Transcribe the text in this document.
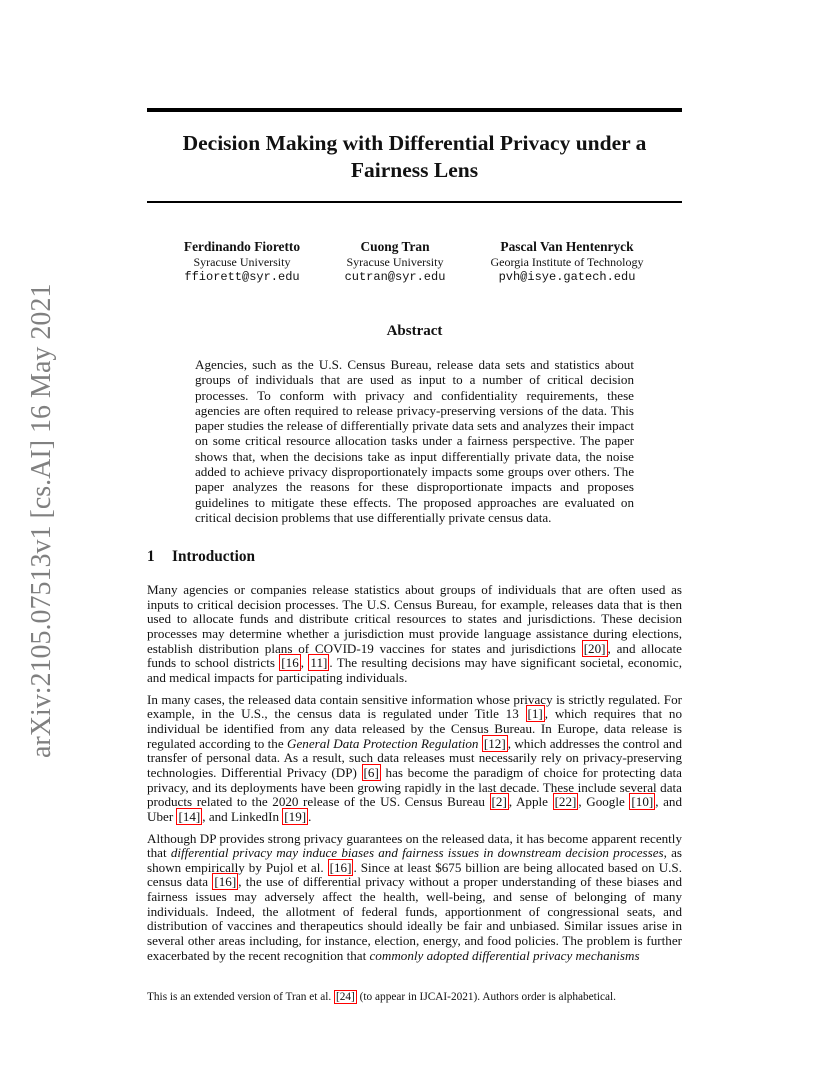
arXiv:2105.07513v1 [cs.AI] 16 May 2021
Decision Making with Differential Privacy under a
Fairness Lens
Ferdinando Fioretto
Syracuse University
ffiorett@syr.edu
Cuong Tran
Syracuse University
cutran@syr.edu
Pascal Van Hentenryck
Georgia Institute of Technology
pvh@isye.gatech.edu
Abstract
Agencies, such as the U.S. Census Bureau, release data sets and statistics about groups of individuals that are used as input to a number of critical decision processes. To conform with privacy and confidentiality requirements, these agencies are often required to release privacy-preserving versions of the data. This paper studies the release of differentially private data sets and analyzes their impact on some critical resource allocation tasks under a fairness perspective. The paper shows that, when the decisions take as input differentially private data, the noise added to achieve privacy disproportionately impacts some groups over others. The paper analyzes the reasons for these disproportionate impacts and proposes guidelines to mitigate these effects. The proposed approaches are evaluated on critical decision problems that use differentially private census data.
1 Introduction

Many agencies or companies release statistics about groups of individuals that are often used as inputs to critical decision processes. The U.S. Census Bureau, for example, releases data that is then used to allocate funds and distribute critical resources to states and jurisdictions. These decision processes may determine whether a jurisdiction must provide language assistance during elections, establish distribution plans of COVID-19 vaccines for states and jurisdictions [20] , and allocate funds to school districts [16 , 11] . The resulting decisions may have significant societal, economic, and medical impacts for participating individuals.

In many cases, the released data contain sensitive information whose privacy is strictly regulated. For example, in the U.S., the census data is regulated under Title 13 [1] , which requires that no individual be identified from any data released by the Census Bureau. In Europe, data release is regulated according to the General Data Protection Regulation [12] , which addresses the control and transfer of personal data. As a result, such data releases must necessarily rely on privacy-preserving technologies. Differential Privacy (DP) [6] has become the paradigm of choice for protecting data privacy, and its deployments have been growing rapidly in the last decade. These include several data products related to the 2020 release of the US. Census Bureau [2] , Apple [22] , Google [10] , and Uber [14] , and LinkedIn [19] .

Although DP provides strong privacy guarantees on the released data, it has become apparent recently that differential privacy may induce biases and fairness issues in downstream decision processes, as shown empirically by Pujol et al. [16] . Since at least $675 billion are being allocated based on U.S. census data [16] , the use of differential privacy without a proper understanding of these biases and fairness issues may adversely affect the health, well-being, and sense of belonging of many individuals. Indeed, the allotment of federal funds, apportionment of congressional seats, and distribution of vaccines and therapeutics should ideally be fair and unbiased. Similar issues arise in several other areas including, for instance, election, energy, and food policies. The problem is further exacerbated by the recent recognition that commonly adopted differential privacy mechanisms

This is an extended version of Tran et al. [24] (to appear in IJCAI-2021). Authors order is alphabetical.
